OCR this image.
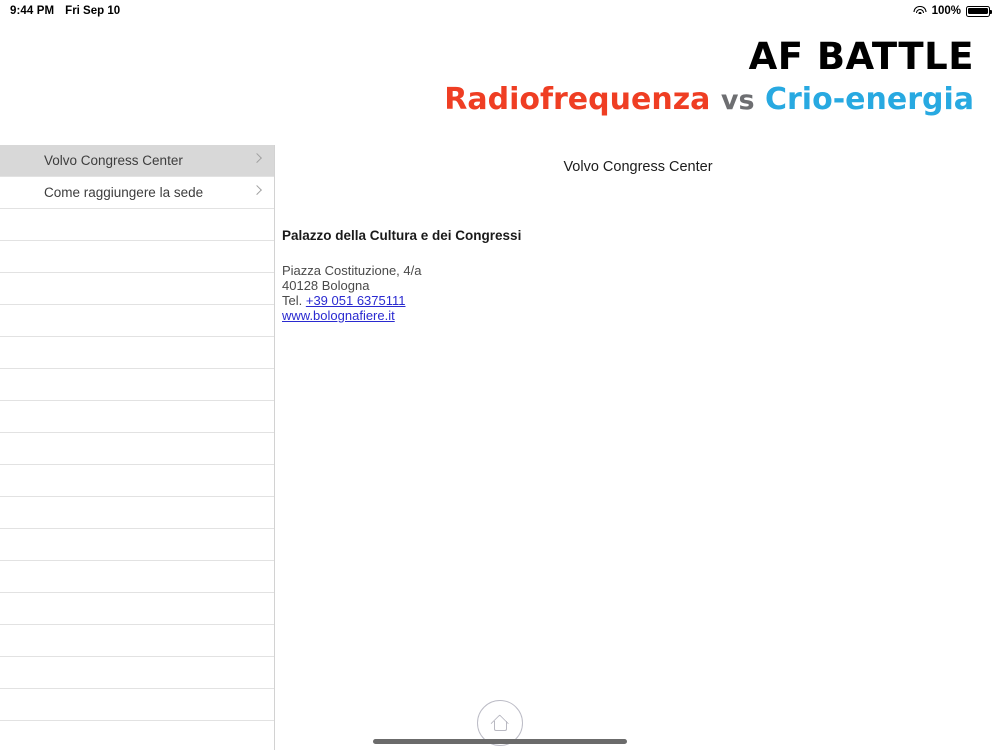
9:44 PM Fri Sep 10	100%
AF BATTLE
Radiofrequenza vs Crio-energia
Volvo Congress Center
Come raggiungere la sede
Volvo Congress Center
Palazzo della Cultura e dei Congressi
Piazza Costituzione, 4/a
40128 Bologna
Tel. +39 051 6375111
www.bolognafiere.it
